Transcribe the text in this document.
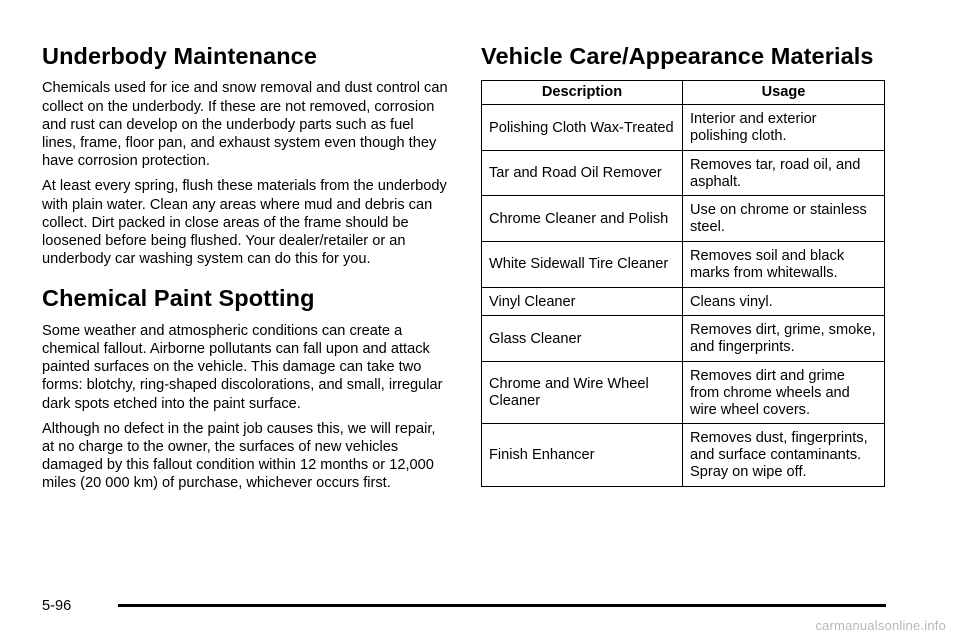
Underbody Maintenance

Chemicals used for ice and snow removal and dust control can collect on the underbody. If these are not removed, corrosion and rust can develop on the underbody parts such as fuel lines, frame, floor pan, and exhaust system even though they have corrosion protection.

At least every spring, flush these materials from the underbody with plain water. Clean any areas where mud and debris can collect. Dirt packed in close areas of the frame should be loosened before being flushed. Your dealer/retailer or an underbody car washing system can do this for you.

Chemical Paint Spotting

Some weather and atmospheric conditions can create a chemical fallout. Airborne pollutants can fall upon and attack painted surfaces on the vehicle. This damage can take two forms: blotchy, ring-shaped discolorations, and small, irregular dark spots etched into the paint surface.

Although no defect in the paint job causes this, we will repair, at no charge to the owner, the surfaces of new vehicles damaged by this fallout condition within 12 months or 12,000 miles (20 000 km) of purchase, whichever occurs first.

Vehicle Care/Appearance Materials
Description	Usage
Polishing Cloth Wax-Treated	Interior and exterior polishing cloth.
Tar and Road Oil Remover	Removes tar, road oil, and asphalt.
Chrome Cleaner and Polish	Use on chrome or stainless steel.
White Sidewall Tire Cleaner	Removes soil and black marks from whitewalls.
Vinyl Cleaner	Cleans vinyl.
Glass Cleaner	Removes dirt, grime, smoke, and fingerprints.
Chrome and Wire Wheel Cleaner	Removes dirt and grime from chrome wheels and wire wheel covers.
Finish Enhancer	Removes dust, fingerprints, and surface contaminants. Spray on wipe off.
5-96
carmanualsonline.info
